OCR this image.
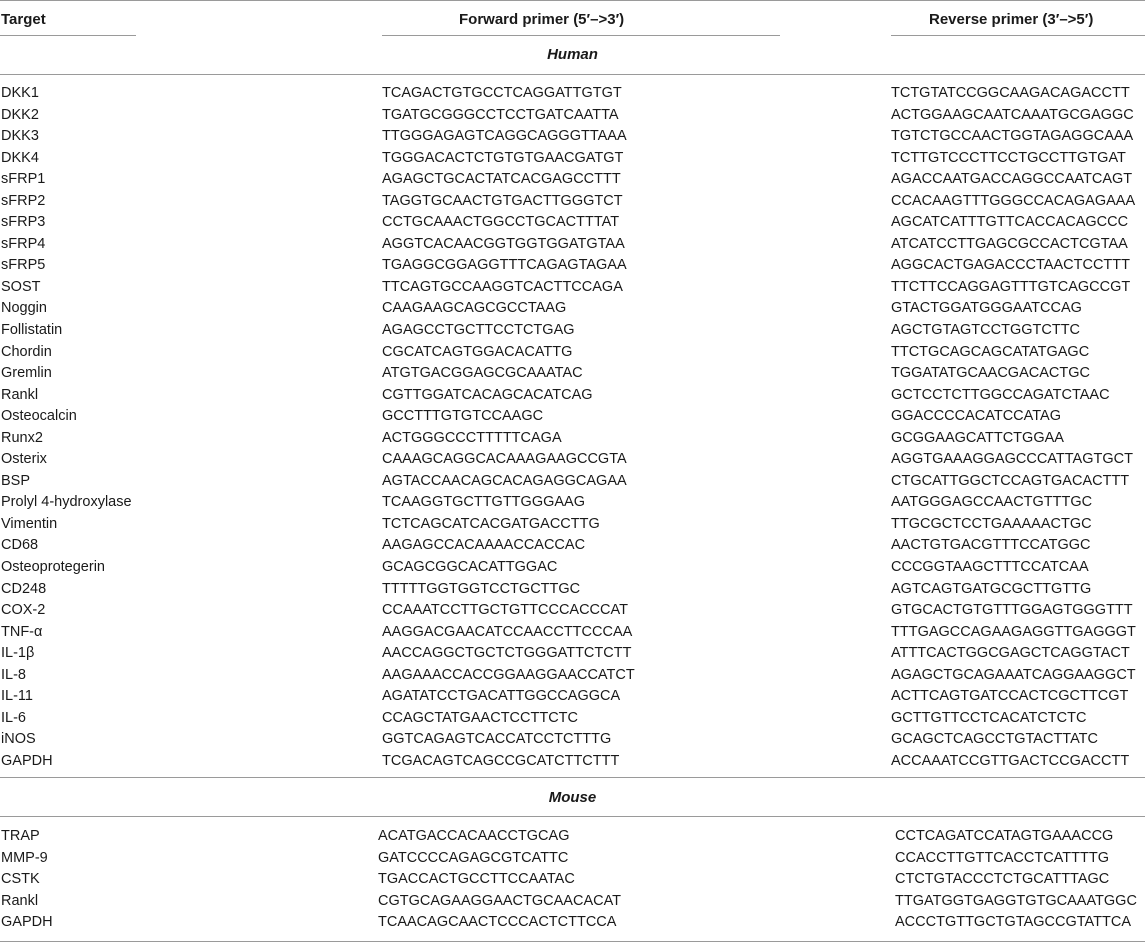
Target	Forward primer (5′–>3′)	Reverse primer (3′–>5′)
Human
DKK1	TCAGACTGTGCCTCAGGATTGTGT	TCTGTATCCGGCAAGACAGACCTT
DKK2	TGATGCGGGCCTCCTGATCAATTA	ACTGGAAGCAATCAAATGCGAGGC
DKK3	TTGGGAGAGTCAGGCAGGGTTAAA	TGTCTGCCAACTGGTAGAGGCAAA
DKK4	TGGGACACTCTGTGTGAACGATGT	TCTTGTCCCTTCCTGCCTTGTGAT
sFRP1	AGAGCTGCACTATCACGAGCCTTT	AGACCAATGACCAGGCCAATCAGT
sFRP2	TAGGTGCAACTGTGACTTGGGTCT	CCACAAGTTTGGGCCACAGAGAAA
sFRP3	CCTGCAAACTGGCCTGCACTTTAT	AGCATCATTTGTTCACCACAGCCC
sFRP4	AGGTCACAACGGTGGTGGATGTAA	ATCATCCTTGAGCGCCACTCGTAA
sFRP5	TGAGGCGGAGGTTTCAGAGTAGAA	AGGCACTGAGACCCTAACTCCTTT
SOST	TTCAGTGCCAAGGTCACTTCCAGA	TTCTTCCAGGAGTTTGTCAGCCGT
Noggin	CAAGAAGCAGCGCCTAAG	GTACTGGATGGGAATCCAG
Follistatin	AGAGCCTGCTTCCTCTGAG	AGCTGTAGTCCTGGTCTTC
Chordin	CGCATCAGTGGACACATTG	TTCTGCAGCAGCATATGAGC
Gremlin	ATGTGACGGAGCGCAAATAC	TGGATATGCAACGACACTGC
Rankl	CGTTGGATCACAGCACATCAG	GCTCCTCTTGGCCAGATCTAAC
Osteocalcin	GCCTTTGTGTCCAAGC	GGACCCCACATCCATAG
Runx2	ACTGGGCCCTTTTTCAGA	GCGGAAGCATTCTGGAA
Osterix	CAAAGCAGGCACAAAGAAGCCGTA	AGGTGAAAGGAGCCCATTAGTGCT
BSP	AGTACCAACAGCACAGAGGCAGAA	CTGCATTGGCTCCAGTGACACTTT
Prolyl 4-hydroxylase	TCAAGGTGCTTGTTGGGAAG	AATGGGAGCCAACTGTTTGC
Vimentin	TCTCAGCATCACGATGACCTTG	TTGCGCTCCTGAAAAACTGC
CD68	AAGAGCCACAAAACCACCAC	AACTGTGACGTTTCCATGGC
Osteoprotegerin	GCAGCGGCACATTGGAC	CCCGGTAAGCTTTCCATCAA
CD248	TTTTTGGTGGTCCTGCTTGC	AGTCAGTGATGCGCTTGTTG
COX-2	CCAAATCCTTGCTGTTCCCACCCAT	GTGCACTGTGTTTGGAGTGGGTTT
TNF-α	AAGGACGAACATCCAACCTTCCCAA	TTTGAGCCAGAAGAGGTTGAGGGT
IL-1β	AACCAGGCTGCTCTGGGATTCTCTT	ATTTCACTGGCGAGCTCAGGTACT
IL-8	AAGAAACCACCGGAAGGAACCATCT	AGAGCTGCAGAAATCAGGAAGGCT
IL-11	AGATATCCTGACATTGGCCAGGCA	ACTTCAGTGATCCACTCGCTTCGT
IL-6	CCAGCTATGAACTCCTTCTC	GCTTGTTCCTCACATCTCTC
iNOS	GGTCAGAGTCACCATCCTCTTTG	GCAGCTCAGCCTGTACTTATC
GAPDH	TCGACAGTCAGCCGCATCTTCTTT	ACCAAATCCGTTGACTCCGACCTT
Mouse
TRAP	ACATGACCACAACCTGCAG	CCTCAGATCCATAGTGAAACCG
MMP-9	GATCCCCAGAGCGTCATTC	CCACCTTGTTCACCTCATTTTG
CSTK	TGACCACTGCCTTCCAATAC	CTCTGTACCCTCTGCATTTAGC
Rankl	CGTGCAGAAGGAACTGCAACACAT	TTGATGGTGAGGTGTGCAAATGGC
GAPDH	TCAACAGCAACTCCCACTCTTCCA	ACCCTGTTGCTGTAGCCGTATTCA
